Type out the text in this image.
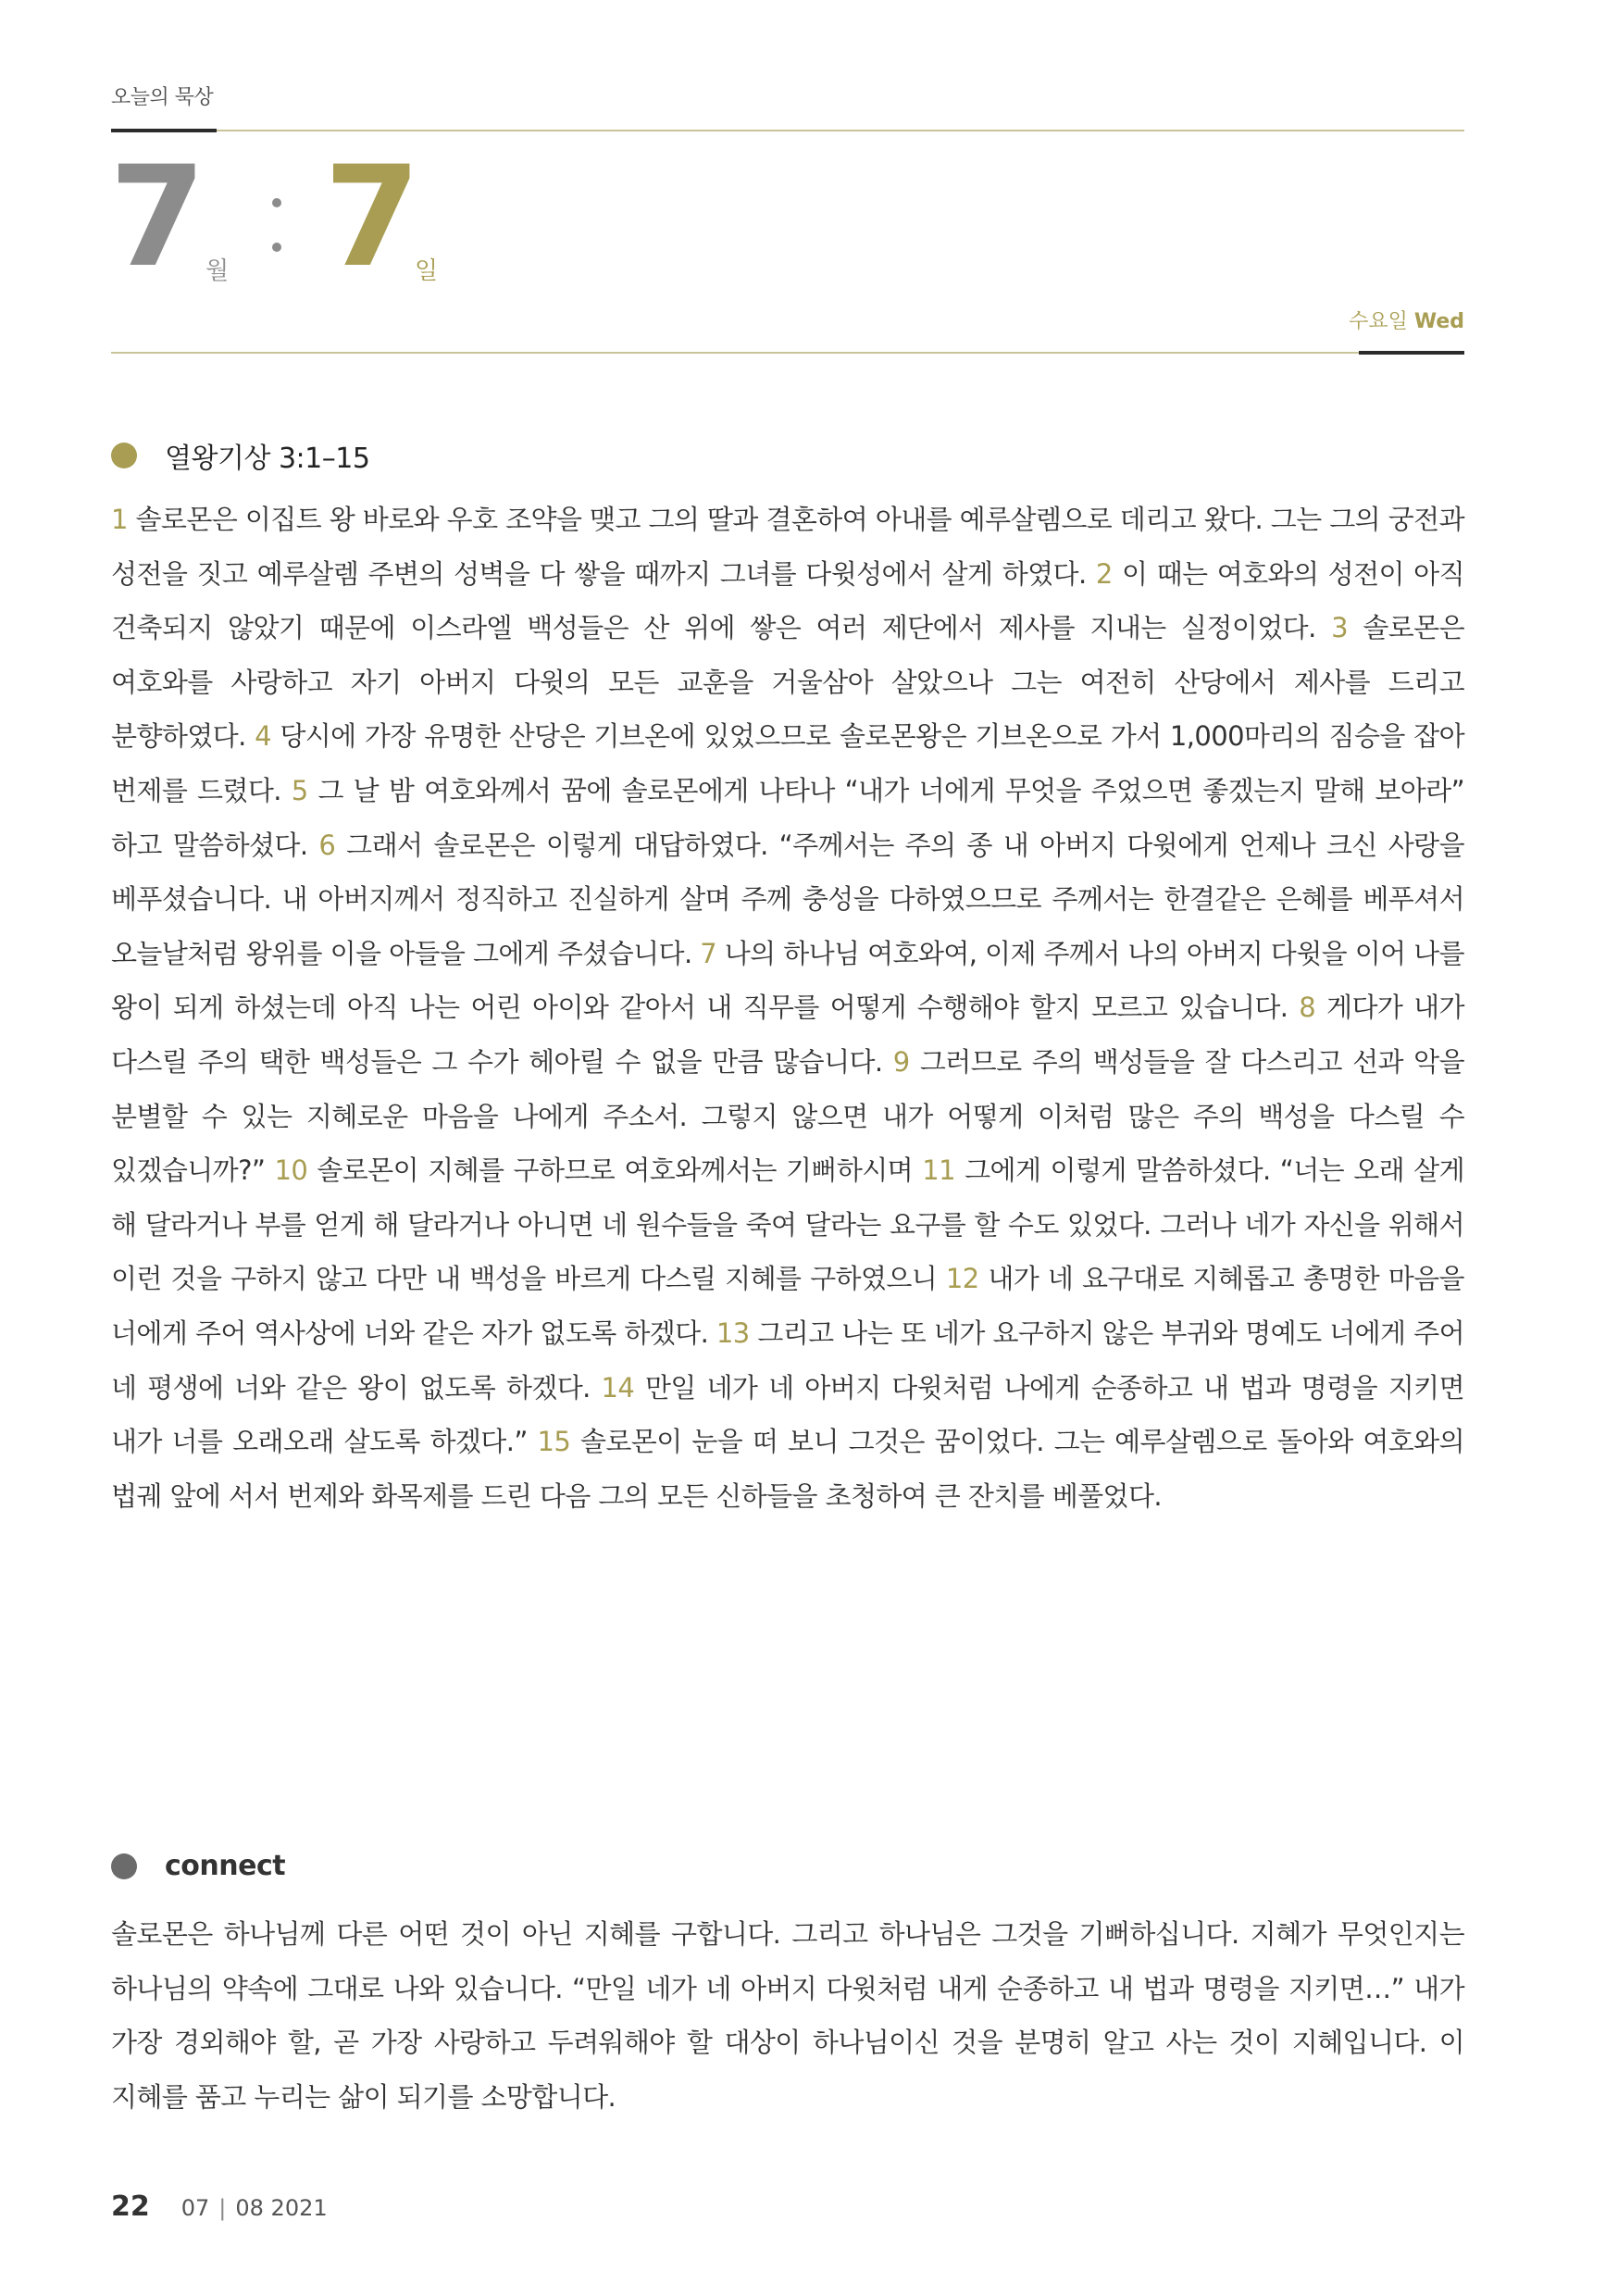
오늘의 묵상
7 월 7
일
수요일 Wed
열왕기상 3:1–15
1 솔로몬은 이집트 왕 바로와 우호 조약을 맺고 그의 딸과 결혼하여 아내를 예루살렘으로 데리고 왔다. 그는 그의 궁전과 성전을 짓고 예루살렘 주변의 성벽을 다 쌓을 때까지 그녀를 다윗성에서 살게 하였다. 2 이 때는 여호와의 성전이 아직 건축되지 않았기 때문에 이스라엘 백성들은 산 위에 쌓은 여러 제단에서 제사를 지내는 실정이었다. 3 솔로몬은 여호와를 사랑하고 자기 아버지 다윗의 모든 교훈을 거울삼아 살았으나 그는 여전히 산당에서 제사를 드리고 분향하였다. 4 당시에 가장 유명한 산당은 기브온에 있었으므로 솔로몬왕은 기브온으로 가서 1,000마리의 짐승을 잡아 번제를 드렸다. 5 그 날 밤 여호와께서 꿈에 솔로몬에게 나타나 “내가 너에게 무엇을 주었으면 좋겠는지 말해 보아라” 하고 말씀하셨다. 6 그래서 솔로몬은 이렇게 대답하였다. “주께서는 주의 종 내 아버지 다윗에게 언제나 크신 사랑을 베푸셨습니다. 내 아버지께서 정직하고 진실하게 살며 주께 충성을 다하였으므로 주께서는 한결같은 은혜를 베푸셔서 오늘날처럼 왕위를 이을 아들을 그에게 주셨습니다. 7 나의 하나님 여호와여, 이제 주께서 나의 아버지 다윗을 이어 나를 왕이 되게 하셨는데 아직 나는 어린 아이와 같아서 내 직무를 어떻게 수행해야 할지 모르고 있습니다. 8 게다가 내가 다스릴 주의 택한 백성들은 그 수가 헤아릴 수 없을 만큼 많습니다. 9 그러므로 주의 백성들을 잘 다스리고 선과 악을 분별할 수 있는 지혜로운 마음을 나에게 주소서. 그렇지 않으면 내가 어떻게 이처럼 많은 주의 백성을 다스릴 수 있겠습니까?” 10 솔로몬이 지혜를 구하므로 여호와께서는 기뻐하시며 11 그에게 이렇게 말씀하셨다. “너는 오래 살게 해 달라거나 부를 얻게 해 달라거나 아니면 네 원수들을 죽여 달라는 요구를 할 수도 있었다. 그러나 네가 자신을 위해서 이런 것을 구하지 않고 다만 내 백성을 바르게 다스릴 지혜를 구하였으니 12 내가 네 요구대로 지혜롭고 총명한 마음을 너에게 주어 역사상에 너와 같은 자가 없도록 하겠다. 13 그리고 나는 또 네가 요구하지 않은 부귀와 명예도 너에게 주어 네 평생에 너와 같은 왕이 없도록 하겠다. 14 만일 네가 네 아버지 다윗처럼 나에게 순종하고 내 법과 명령을 지키면 내가 너를 오래오래 살도록 하겠다.” 15 솔로몬이 눈을 떠 보니 그것은 꿈이었다. 그는 예루살렘으로 돌아와 여호와의 법궤 앞에 서서 번제와 화목제를 드린 다음 그의 모든 신하들을 초청하여 큰 잔치를 베풀었다.
connect
솔로몬은 하나님께 다른 어떤 것이 아닌 지혜를 구합니다. 그리고 하나님은 그것을 기뻐하십니다. 지혜가 무엇인지는 하나님의 약속에 그대로 나와 있습니다. “만일 네가 네 아버지 다윗처럼 내게 순종하고 내 법과 명령을 지키면…” 내가 가장 경외해야 할, 곧 가장 사랑하고 두려워해야 할 대상이 하나님이신 것을 분명히 알고 사는 것이 지혜입니다. 이 지혜를 품고 누리는 삶이 되기를 소망합니다.
22 07 | 08 2021
